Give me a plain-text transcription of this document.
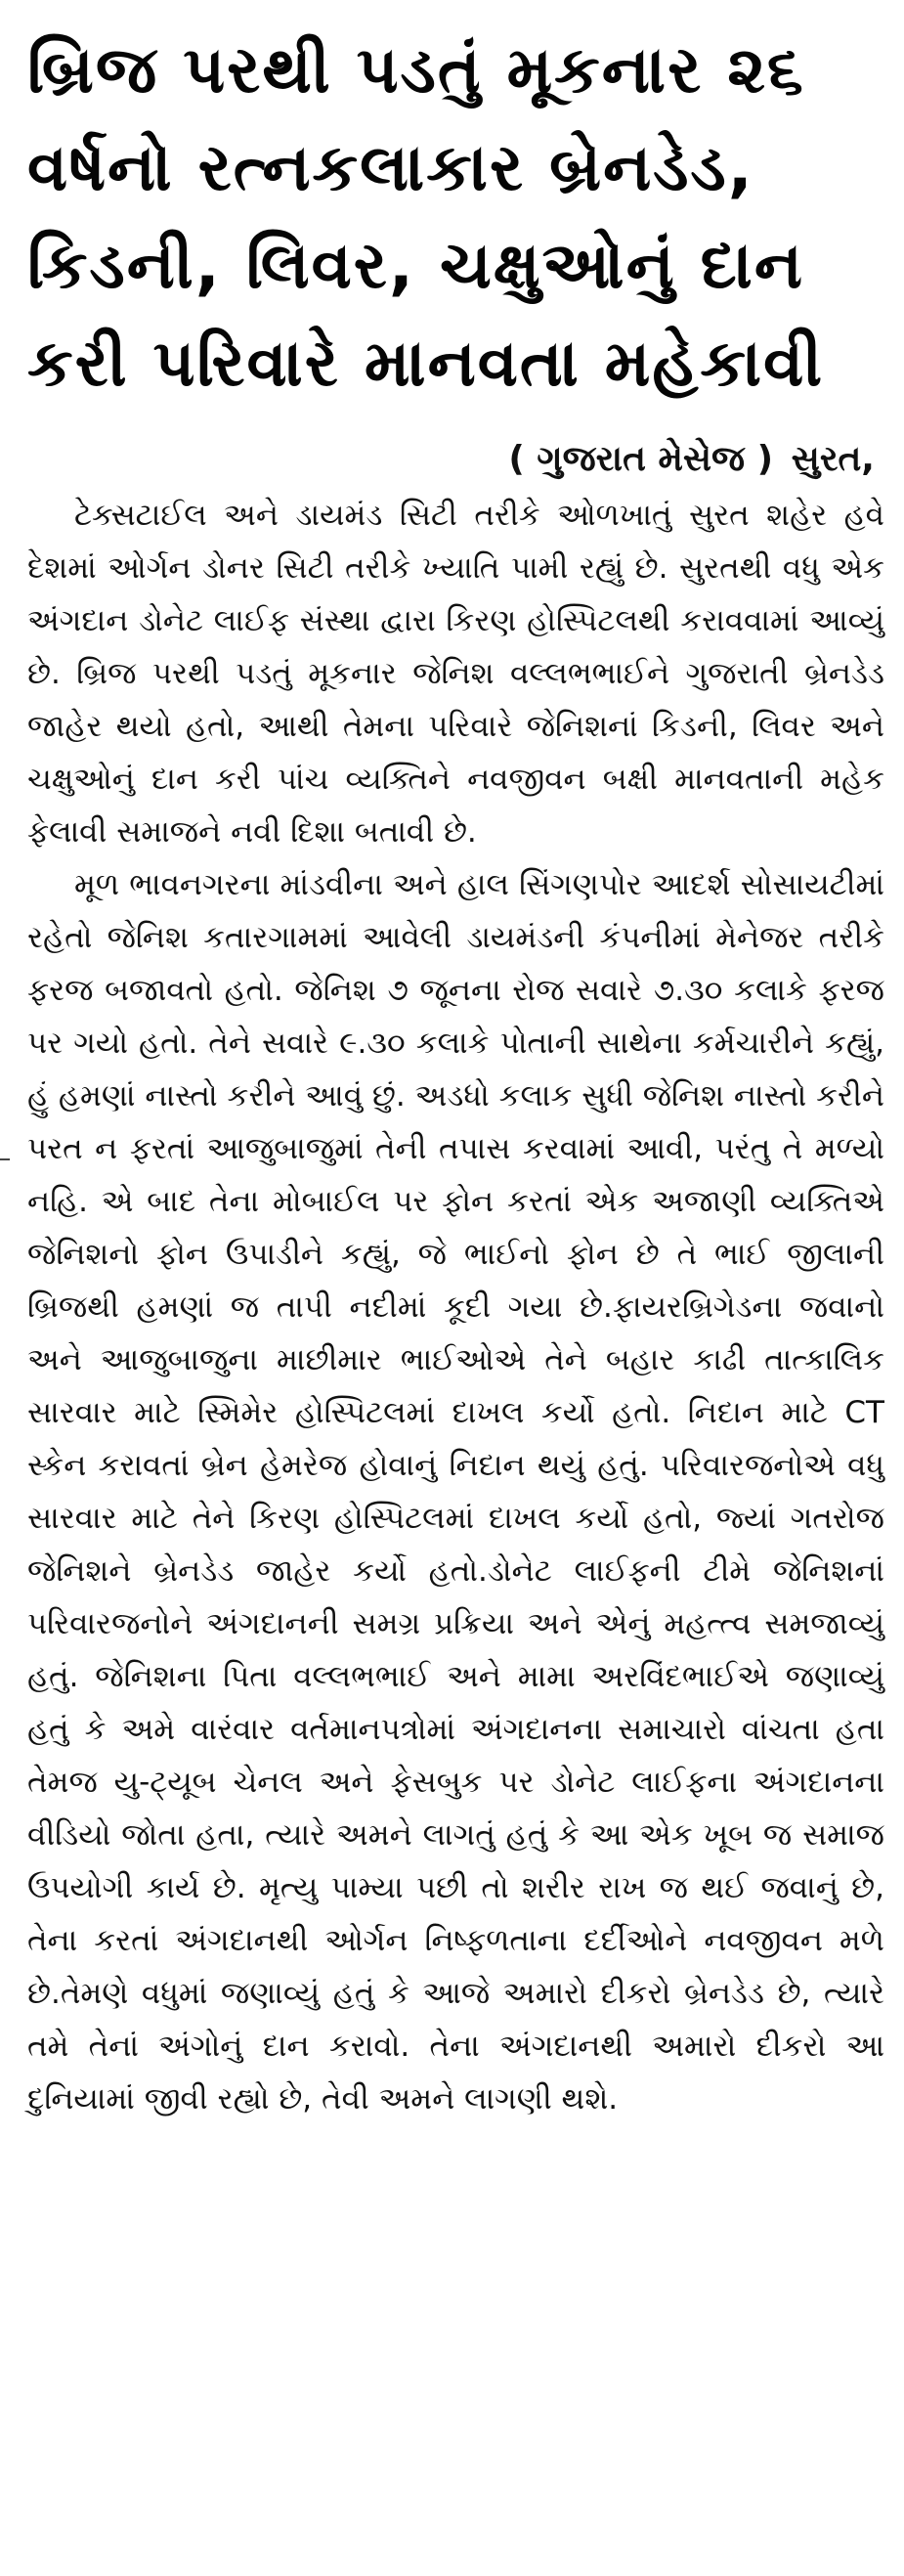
બ્રિજ પરથી પડતું મૂકનાર ૨૬
વર્ષનો રત્નકલાકાર બ્રેનડેડ,
કિડની, લિવર, ચક્ષુઓનું દાન
કરી પરિવારે માનવતા મહેકાવી
( ગુજરાત મેસેજ ) સુરત,

ટેક્સટાઈલ અને ડાયમંડ સિટી તરીકે ઓળખાતું સુરત શહેર હવે દેશમાં ઓર્ગન ડોનર સિટી તરીકે ખ્યાતિ પામી રહ્યું છે. સુરતથી વધુ એક અંગદાન ડોનેટ લાઈફ સંસ્થા દ્વારા કિરણ હોસ્પિટલથી કરાવવામાં આવ્યું છે. બ્રિજ પરથી પડતું મૂકનાર જેનિશ વલ્લભભાઈને ગુજરાતી બ્રેનડેડ જાહેર થયો હતો, આથી તેમના પરિવારે જેનિશનાં કિડની, લિવર અને ચક્ષુઓનું દાન કરી પાંચ વ્યક્તિને નવજીવન બક્ષી માનવતાની મહેક ફેલાવી સમાજને નવી દિશા બતાવી છે.

મૂળ ભાવનગરના માંડવીના અને હાલ સિંગણપોર આદર્શ સોસાયટીમાં રહેતો જેનિશ કતારગામમાં આવેલી ડાયમંડની કંપનીમાં મેનેજર તરીકે ફરજ બજાવતો હતો. જેનિશ ૭ જૂનના રોજ સવારે ૭.૩૦ કલાકે ફરજ પર ગયો હતો. તેને સવારે ૯.૩૦ કલાકે પોતાની સાથેના કર્મચારીને કહ્યું, હું હમણાં નાસ્તો કરીને આવું છું. અડધો કલાક સુધી જેનિશ નાસ્તો કરીને પરત ન ફરતાં આજુબાજુમાં તેની તપાસ કરવામાં આવી, પરંતુ તે મળ્યો નહિ. એ બાદ તેના મોબાઈલ પર ફોન કરતાં એક અજાણી વ્યક્તિએ જેનિશનો ફોન ઉપાડીને કહ્યું, જે ભાઈનો ફોન છે તે ભાઈ જીલાની બ્રિજથી હમણાં જ તાપી નદીમાં કૂદી ગયા છે.ફાયરબ્રિગેડના જવાનો અને આજુબાજુના માછીમાર ભાઈઓએ તેને બહાર કાઢી તાત્કાલિક સારવાર માટે સ્મિમેર હોસ્પિટલમાં દાખલ કર્યો હતો. નિદાન માટે CT સ્કેન કરાવતાં બ્રેન હેમરેજ હોવાનું નિદાન થયું હતું. પરિવારજનોએ વધુ સારવાર માટે તેને કિરણ હોસ્પિટલમાં દાખલ કર્યો હતો, જ્યાં ગતરોજ જેનિશને બ્રેનડેડ જાહેર કર્યો હતો.ડોનેટ લાઈફની ટીમે જેનિશનાં પરિવારજનોને અંગદાનની સમગ્ર પ્રક્રિયા અને એનું મહત્ત્વ સમજાવ્યું હતું. જેનિશના પિતા વલ્લભભાઈ અને મામા અરવિંદભાઈએ જણાવ્યું હતું કે અમે વારંવાર વર્તમાનપત્રોમાં અંગદાનના સમાચારો વાંચતા હતા તેમજ યુ-ટ્યૂબ ચેનલ અને ફેસબુક પર ડોનેટ લાઈફના અંગદાનના વીડિયો જોતા હતા, ત્યારે અમને લાગતું હતું કે આ એક ખૂબ જ સમાજ ઉપયોગી કાર્ય છે. મૃત્યુ પામ્યા પછી તો શરીર રાખ જ થઈ જવાનું છે, તેના કરતાં અંગદાનથી ઓર્ગન નિષ્ફળતાના દર્દીઓને નવજીવન મળે છે.તેમણે વધુમાં જણાવ્યું હતું કે આજે અમારો દીકરો બ્રેનડેડ છે, ત્યારે તમે તેનાં અંગોનું દાન કરાવો. તેના અંગદાનથી અમારો દીકરો આ દુનિયામાં જીવી રહ્યો છે, તેવી અમને લાગણી થશે.
